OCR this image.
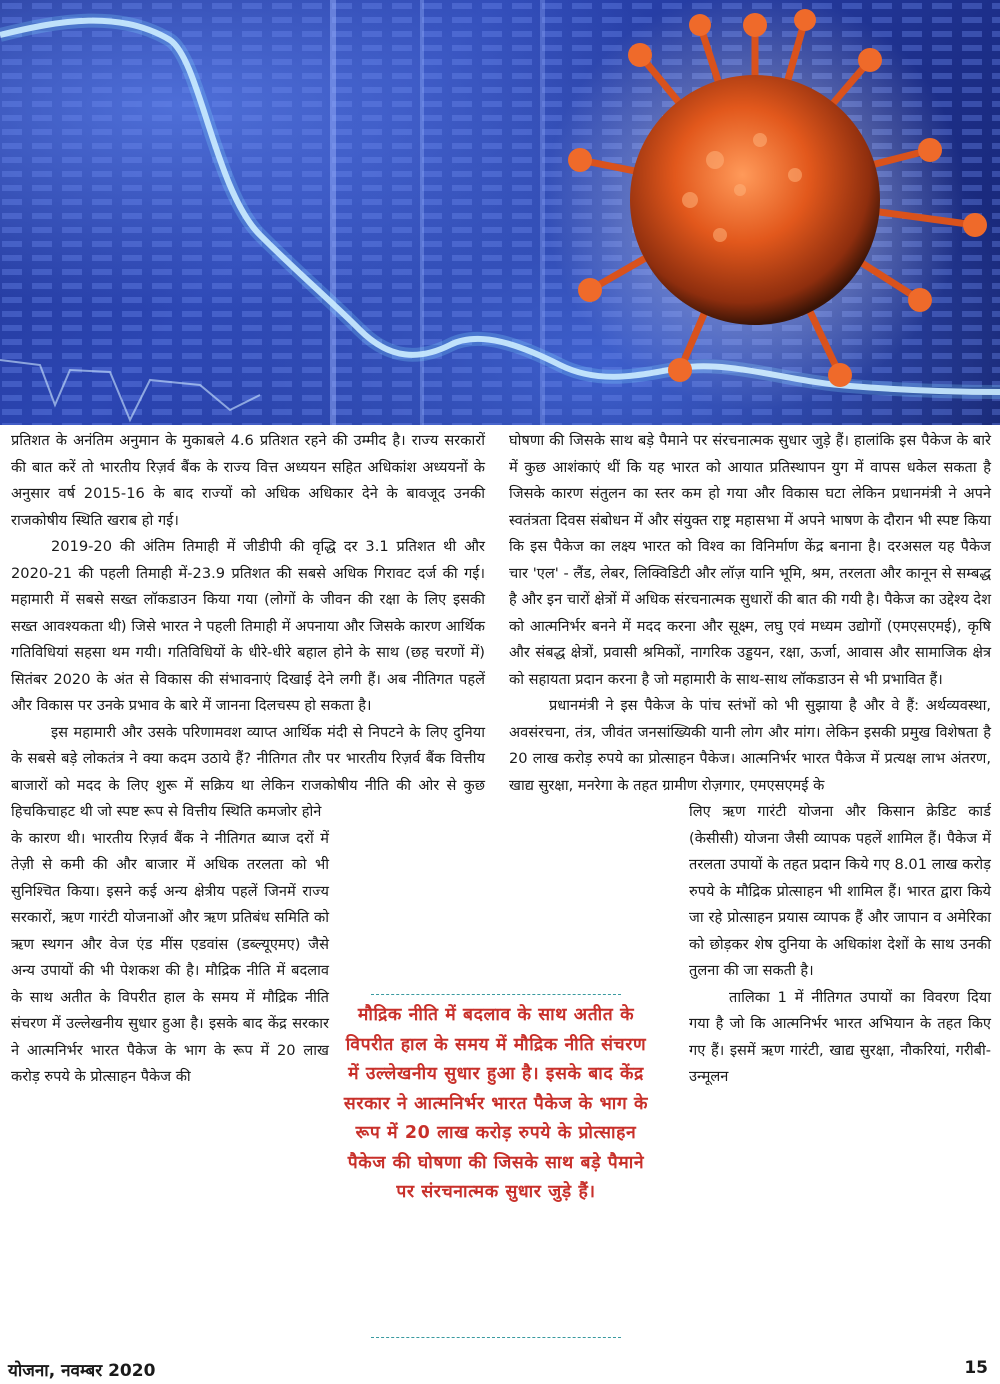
प्रतिशत के अनंतिम अनुमान के मुकाबले 4.6 प्रतिशत रहने की उम्मीद है। राज्य सरकारों की बात करें तो भारतीय रिज़र्व बैंक के राज्य वित्त अध्ययन सहित अधिकांश अध्ययनों के अनुसार वर्ष 2015-16 के बाद राज्यों को अधिक अधिकार देने के बावजूद उनकी राजकोषीय स्थिति खराब हो गई।

2019-20 की अंतिम तिमाही में जीडीपी की वृद्धि दर 3.1 प्रतिशत थी और 2020-21 की पहली तिमाही में-23.9 प्रतिशत की सबसे अधिक गिरावट दर्ज की गई। महामारी में सबसे सख्त लॉकडाउन किया गया (लोगों के जीवन की रक्षा के लिए इसकी सख्त आवश्यकता थी) जिसे भारत ने पहली तिमाही में अपनाया और जिसके कारण आर्थिक गतिविधियां सहसा थम गयी। गतिविधियों के धीरे-धीरे बहाल होने के साथ (छह चरणों में) सितंबर 2020 के अंत से विकास की संभावनाएं दिखाई देने लगी हैं। अब नीतिगत पहलें और विकास पर उनके प्रभाव के बारे में जानना दिलचस्प हो सकता है।

इस महामारी और उसके परिणामवश व्याप्त आर्थिक मंदी से निपटने के लिए दुनिया के सबसे बड़े लोकतंत्र ने क्या कदम उठाये हैं? नीतिगत तौर पर भारतीय रिज़र्व बैंक वित्तीय बाजारों को मदद के लिए शुरू में सक्रिय था लेकिन राजकोषीय नीति की ओर से कुछ हिचकिचाहट थी जो स्पष्ट रूप से वित्तीय स्थिति कमजोर होने

के कारण थी। भारतीय रिज़र्व बैंक ने नीतिगत ब्याज दरों में तेज़ी से कमी की और बाजार में अधिक तरलता को भी सुनिश्चित किया। इसने कई अन्य क्षेत्रीय पहलें जिनमें राज्य सरकारों, ऋण गारंटी योजनाओं और ऋण प्रतिबंध समिति को ऋण स्थगन और वेज एंड मींस एडवांस (डब्ल्यूएमए) जैसे अन्य उपायों की भी पेशकश की है। मौद्रिक नीति में बदलाव के साथ अतीत के विपरीत हाल के समय में मौद्रिक नीति संचरण में उल्लेखनीय सुधार हुआ है। इसके बाद केंद्र सरकार ने आत्मनिर्भर भारत पैकेज के भाग के रूप में 20 लाख करोड़ रुपये के प्रोत्साहन पैकेज की

घोषणा की जिसके साथ बड़े पैमाने पर संरचनात्मक सुधार जुड़े हैं। हालांकि इस पैकेज के बारे में कुछ आशंकाएं थीं कि यह भारत को आयात प्रतिस्थापन युग में वापस धकेल सकता है जिसके कारण संतुलन का स्तर कम हो गया और विकास घटा लेकिन प्रधानमंत्री ने अपने स्वतंत्रता दिवस संबोधन में और संयुक्त राष्ट्र महासभा में अपने भाषण के दौरान भी स्पष्ट किया कि इस पैकेज का लक्ष्य भारत को विश्व का विनिर्माण केंद्र बनाना है। दरअसल यह पैकेज चार 'एल' - लैंड, लेबर, लिक्विडिटी और लॉज़ यानि भूमि, श्रम, तरलता और कानून से सम्बद्ध है और इन चारों क्षेत्रों में अधिक संरचनात्मक सुधारों की बात की गयी है। पैकेज का उद्देश्य देश को आत्मनिर्भर बनने में मदद करना और सूक्ष्म, लघु एवं मध्यम उद्योगों (एमएसएमई), कृषि और संबद्ध क्षेत्रों, प्रवासी श्रमिकों, नागरिक उड्डयन, रक्षा, ऊर्जा, आवास और सामाजिक क्षेत्र को सहायता प्रदान करना है जो महामारी के साथ-साथ लॉकडाउन से भी प्रभावित हैं।

प्रधानमंत्री ने इस पैकेज के पांच स्तंभों को भी सुझाया है और वे हैं: अर्थव्यवस्था, अवसंरचना, तंत्र, जीवंत जनसांख्यिकी यानी लोग और मांग। लेकिन इसकी प्रमुख विशेषता है 20 लाख करोड़ रुपये का प्रोत्साहन पैकेज। आत्मनिर्भर भारत पैकेज में प्रत्यक्ष लाभ अंतरण, खाद्य सुरक्षा, मनरेगा के तहत ग्रामीण रोज़गार, एमएसएमई के

लिए ऋण गारंटी योजना और किसान क्रेडिट कार्ड (केसीसी) योजना जैसी व्यापक पहलें शामिल हैं। पैकेज में तरलता उपायों के तहत प्रदान किये गए 8.01 लाख करोड़ रुपये के मौद्रिक प्रोत्साहन भी शामिल हैं। भारत द्वारा किये जा रहे प्रोत्साहन प्रयास व्यापक हैं और जापान व अमेरिका को छोड़कर शेष दुनिया के अधिकांश देशों के साथ उनकी तुलना की जा सकती है।

तालिका 1 में नीतिगत उपायों का विवरण दिया गया है जो कि आत्मनिर्भर भारत अभियान के तहत किए गए हैं। इसमें ऋण गारंटी, खाद्य सुरक्षा, नौकरियां, गरीबी-उन्मूलन

मौद्रिक नीति में बदलाव के साथ अतीत के विपरीत हाल के समय में मौद्रिक नीति संचरण में उल्लेखनीय सुधार हुआ है। इसके बाद केंद्र सरकार ने आत्मनिर्भर भारत पैकेज के भाग के रूप में 20 लाख करोड़ रुपये के प्रोत्साहन पैकेज की घोषणा की जिसके साथ बड़े पैमाने पर संरचनात्मक सुधार जुड़े हैं।

योजना, नवम्बर 2020	15
